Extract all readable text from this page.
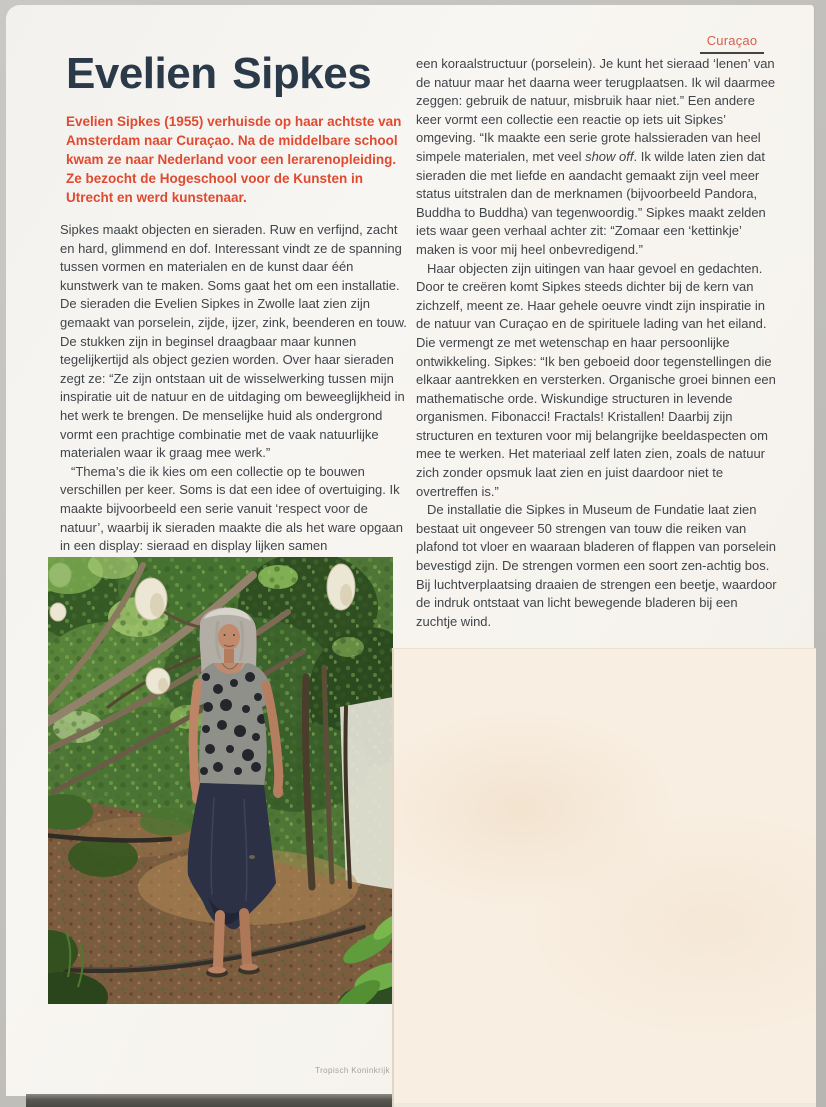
Curaçao
Evelien Sipkes

Evelien Sipkes (1955) verhuisde op haar achtste van Amsterdam naar Curaçao. Na de middelbare school kwam ze naar Nederland voor een lerarenopleiding. Ze bezocht de Hogeschool voor de Kunsten in Utrecht en werd kunstenaar.

Sipkes maakt objecten en sieraden. Ruw en verfijnd, zacht en hard, glimmend en dof. Interessant vindt ze de spanning tussen vormen en materialen en de kunst daar één kunstwerk van te maken. Soms gaat het om een installatie. De sieraden die Evelien Sipkes in Zwolle laat zien zijn gemaakt van porselein, zijde, ijzer, zink, beenderen en touw. De stukken zijn in beginsel draagbaar maar kunnen tegelijkertijd als object gezien worden. Over haar sieraden zegt ze: “Ze zijn ontstaan uit de wisselwerking tussen mijn inspiratie uit de natuur en de uitdaging om beweeglijkheid in het werk te brengen. De menselijke huid als ondergrond vormt een prachtige combinatie met de vaak natuurlijke materialen waar ik graag mee werk.”

“Thema’s die ik kies om een collectie op te bouwen verschillen per keer. Soms is dat een idee of overtuiging. Ik maakte bijvoorbeeld een serie vanuit ‘respect voor de natuur’, waarbij ik sieraden maakte die als het ware opgaan in een display: sieraad en display lijken samen

een koraalstructuur (porselein). Je kunt het sieraad ‘lenen’ van de natuur maar het daarna weer terugplaatsen. Ik wil daarmee zeggen: gebruik de natuur, misbruik haar niet.” Een andere keer vormt een collectie een reactie op iets uit Sipkes’ omgeving. “Ik maakte een serie grote halssieraden van heel simpele materialen, met veel show off. Ik wilde laten zien dat sieraden die met liefde en aandacht gemaakt zijn veel meer status uitstralen dan de merknamen (bijvoorbeeld Pandora, Buddha to Buddha) van tegenwoordig.” Sipkes maakt zelden iets waar geen verhaal achter zit: “Zomaar een ‘kettinkje’ maken is voor mij heel onbevredigend.”

Haar objecten zijn uitingen van haar gevoel en gedachten. Door te creëren komt Sipkes steeds dichter bij de kern van zichzelf, meent ze. Haar gehele oeuvre vindt zijn inspiratie in de natuur van Curaçao en de spirituele lading van het eiland. Die vermengt ze met wetenschap en haar persoonlijke ontwikkeling. Sipkes: “Ik ben geboeid door tegenstellingen die elkaar aantrekken en versterken. Organische groei binnen een mathematische orde. Wiskundige structuren in levende organismen. Fibonacci! Fractals! Kristallen! Daarbij zijn structuren en texturen voor mij belangrijke beeldaspecten om mee te werken. Het materiaal zelf laten zien, zoals de natuur zich zonder opsmuk laat zien en juist daardoor niet te overtreffen is.”

De installatie die Sipkes in Museum de Fundatie laat zien bestaat uit ongeveer 50 strengen van touw die reiken van plafond tot vloer en waaraan bladeren of flappen van porselein bevestigd zijn. De strengen vormen een soort zen-achtig bos. Bij luchtverplaatsing draaien de strengen een beetje, waardoor de indruk ontstaat van licht bewegende bladeren bij een zuchtje wind.

Tropisch Koninkrijk
